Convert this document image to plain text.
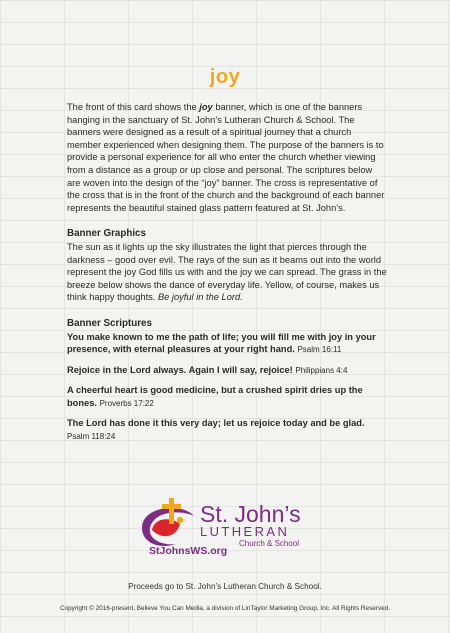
joy

The front of this card shows the joy banner, which is one of the banners hanging in the sanctuary of St. John’s Lutheran Church & School. The banners were designed as a result of a spiritual journey that a church member experienced when designing them. The purpose of the banners is to provide a personal experience for all who enter the church whether viewing from a distance as a group or up close and personal. The scriptures below are woven into the design of the “joy” banner. The cross is representative of the cross that is in the front of the church and the background of each banner represents the beautiful stained glass pattern featured at St. John’s.

Banner Graphics

The sun as it lights up the sky illustrates the light that pierces through the darkness – good over evil. The rays of the sun as it beams out into the world represent the joy God fills us with and the joy we can spread. The grass in the breeze below shows the dance of everyday life. Yellow, of course, makes us think happy thoughts. Be joyful in the Lord.

Banner Scriptures

You make known to me the path of life; you will fill me with joy in your presence, with eternal pleasures at your right hand. Psalm 16:11

Rejoice in the Lord always. Again I will say, rejoice! Philippians 4:4

A cheerful heart is good medicine, but a crushed spirit dries up the bones. Proverbs 17:22

The Lord has done it this very day; let us rejoice today and be glad.
Psalm 118:24

St. John’s
LUTHERAN
Church & School
StJohnsWS.org
Proceeds go to St. John’s Lutheran Church & School.
Copyright © 2016-present, Believe You Can Media, a division of LinTaylor Marketing Group, Inc. All Rights Reserved.
